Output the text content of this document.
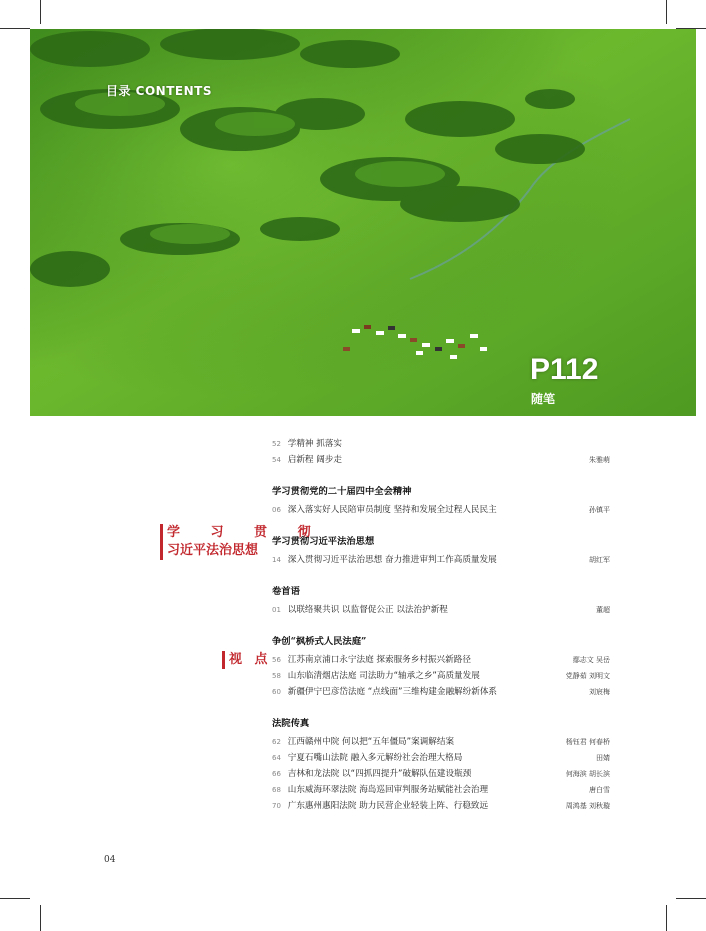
目录 CONTENTS
P112
随笔
学 习 贯 彻
习近平法治思想
视 点
52 学精神 抓落实
54 启新程 阔步走	朱雅萌
学习贯彻党的二十届四中全会精神
06 深入落实好人民陪审员制度 坚持和发展全过程人民民主	孙镇平
学习贯彻习近平法治思想
14 深入贯彻习近平法治思想 奋力推进审判工作高质量发展	胡红军
卷首语
01 以联络聚共识 以监督促公正 以法治护新程	董超
争创“枫桥式人民法庭”
56 江苏南京浦口永宁法庭 探索服务乡村振兴新路径	鄢志文 吴岳
58 山东临清烟店法庭 司法助力“轴承之乡”高质量发展	党静茹 刘明文
60 新疆伊宁巴彦岱法庭 “点线面”三维构建金融解纷新体系	刘宸梅
法院传真
62 江西赣州中院 何以把“五年僵局”案调解结案	杨钰君 何春桥
64 宁夏石嘴山法院 融入多元解纷社会治理大格局	田婧
66 吉林和龙法院 以“四抓四提升”破解队伍建设瓶颈	何海滨 胡长滨
68 山东威海环翠法院 海岛巡回审判服务站赋能社会治理	唐白雪
70 广东惠州惠阳法院 助力民营企业轻装上阵、行稳致远	周鸿基 刘秋璇
04
